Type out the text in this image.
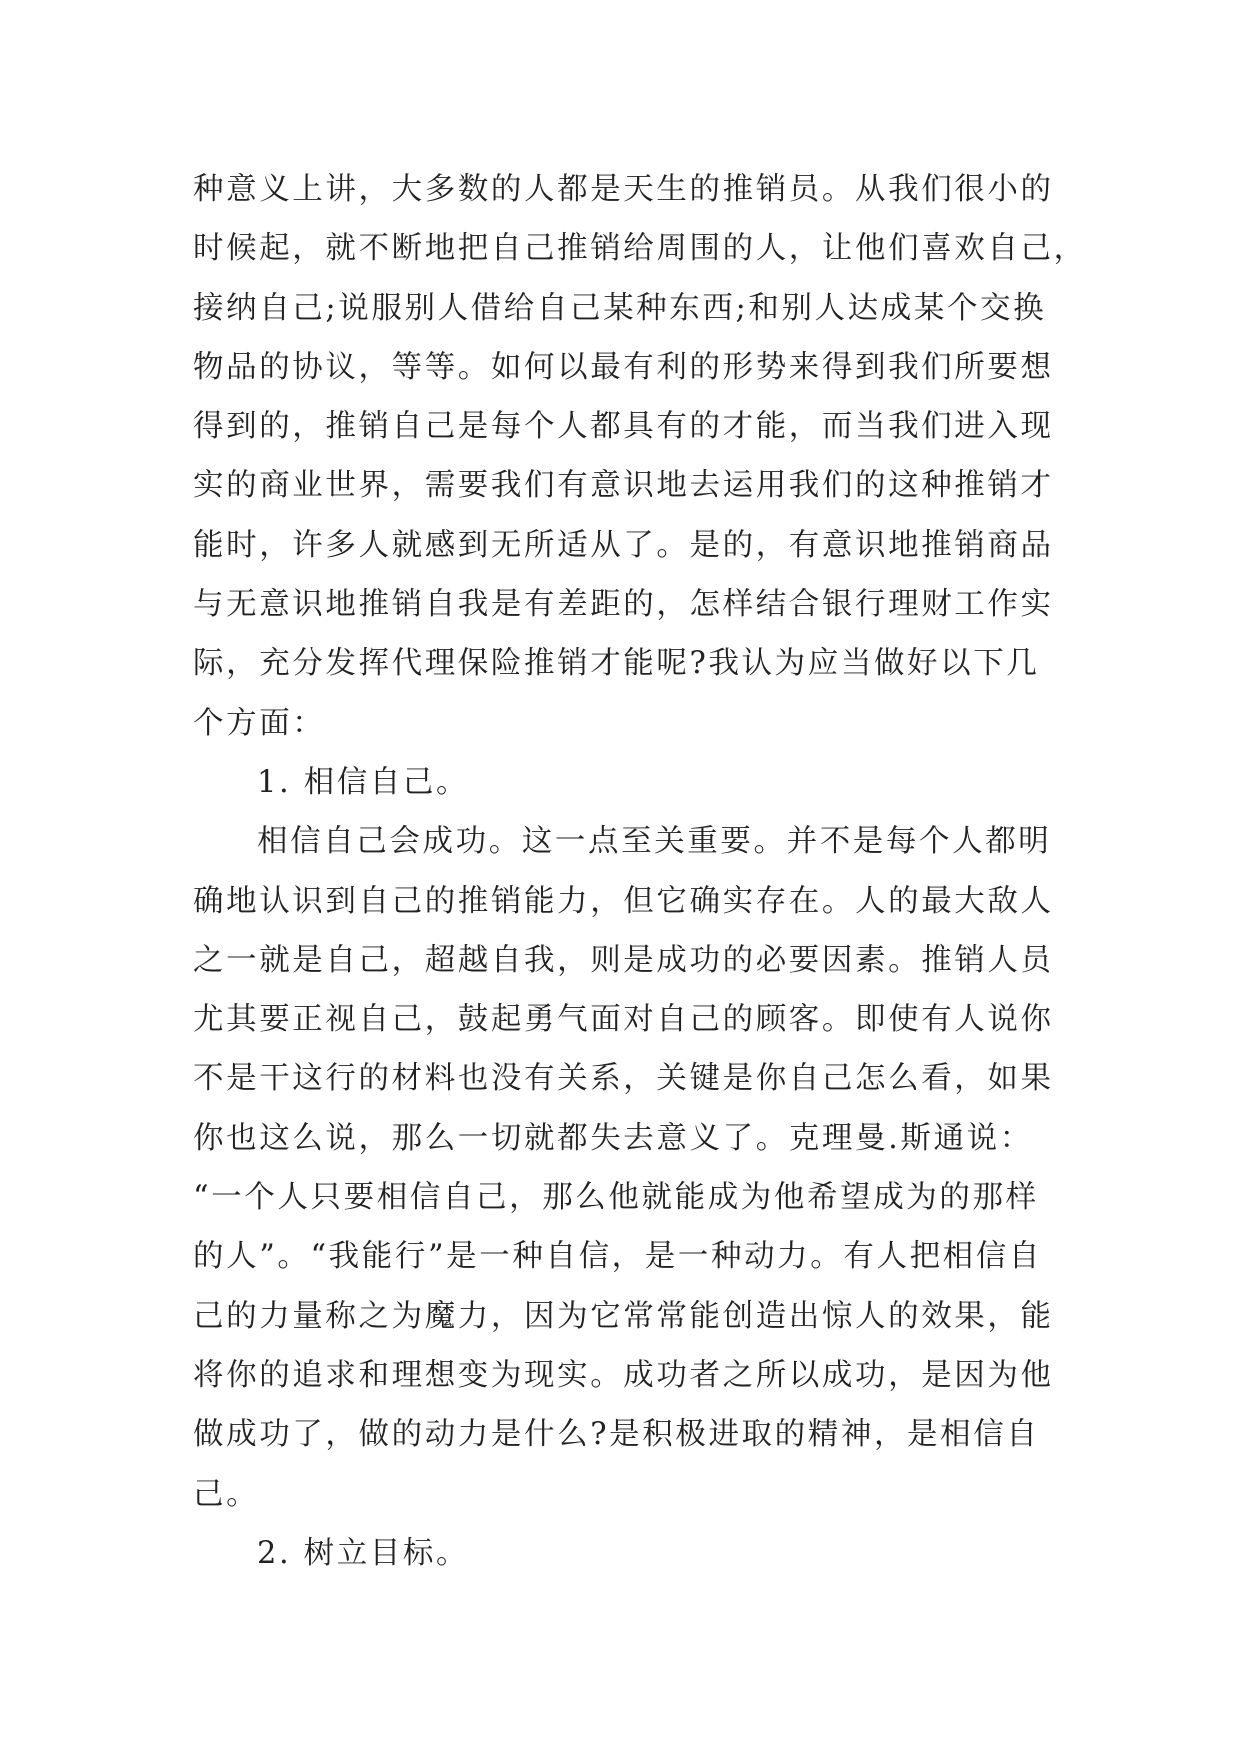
种意义上讲，大多数的人都是天生的推销员。从我们很小的
时候起，就不断地把自己推销给周围的人，让他们喜欢自己，
接纳自己;说服别人借给自己某种东西;和别人达成某个交换
物品的协议，等等。如何以最有利的形势来得到我们所要想
得到的，推销自己是每个人都具有的才能，而当我们进入现
实的商业世界，需要我们有意识地去运用我们的这种推销才
能时，许多人就感到无所适从了。是的，有意识地推销商品
与无意识地推销自我是有差距的，怎样结合银行理财工作实
际，充分发挥代理保险推销才能呢?我认为应当做好以下几
个方面：
1. 相信自己。
相信自己会成功。这一点至关重要。并不是每个人都明
确地认识到自己的推销能力，但它确实存在。人的最大敌人
之一就是自己，超越自我，则是成功的必要因素。推销人员
尤其要正视自己，鼓起勇气面对自己的顾客。即使有人说你
不是干这行的材料也没有关系，关键是你自己怎么看，如果
你也这么说，那么一切就都失去意义了。克理曼.斯通说：
“一个人只要相信自己，那么他就能成为他希望成为的那样
的人”。“我能行”是一种自信，是一种动力。有人把相信自
己的力量称之为魔力，因为它常常能创造出惊人的效果，能
将你的追求和理想变为现实。成功者之所以成功，是因为他
做成功了，做的动力是什么?是积极进取的精神，是相信自
己。
2. 树立目标。
